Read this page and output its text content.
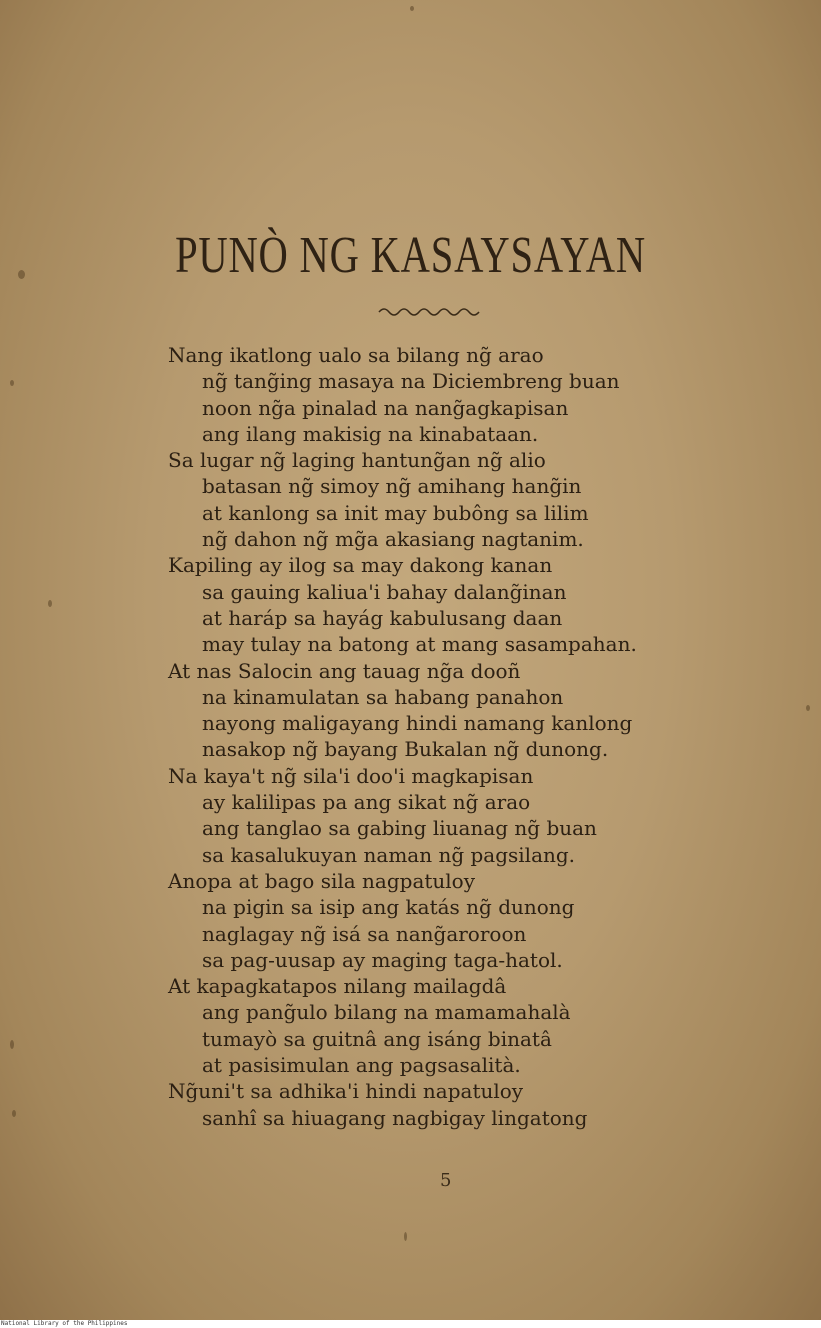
PUNÒ NG KASAYSAYAN
Nang ikatlong ualo sa bilang ng̃ arao
ng̃ tang̃ing masaya na Diciembreng buan
noon ng̃a pinalad na nang̃agkapisan
ang ilang makisig na kinabataan.
Sa lugar ng̃ laging hantung̃an ng̃ alio
batasan ng̃ simoy ng̃ amihang hang̃in
at kanlong sa init may bubông sa lilim
ng̃ dahon ng̃ mg̃a akasiang nagtanim.
Kapiling ay ilog sa may dakong kanan
sa gauing kaliua'i bahay dalang̃inan
at haráp sa hayág kabulusang daan
may tulay na batong at mang sasampahan.
At nas Salocin ang tauag ng̃a dooñ
na kinamulatan sa habang panahon
nayong maligayang hindi namang kanlong
nasakop ng̃ bayang Bukalan ng̃ dunong.
Na kaya't ng̃ sila'i doo'i magkapisan
ay kalilipas pa ang sikat ng̃ arao
ang tanglao sa gabing liuanag ng̃ buan
sa kasalukuyan naman ng̃ pagsilang.
Anopa at bago sila nagpatuloy
na pigin sa isip ang katás ng̃ dunong
naglagay ng̃ isá sa nang̃aroroon
sa pag-uusap ay maging taga-hatol.
At kapagkatapos nilang mailagdâ
ang pang̃ulo bilang na mamamahalà
tumayò sa guitnâ ang isáng binatâ
at pasisimulan ang pagsasalità.
Ng̃uni't sa adhika'i hindi napatuloy
sanhî sa hiuagang nagbigay lingatong
5
National Library of the Philippines
